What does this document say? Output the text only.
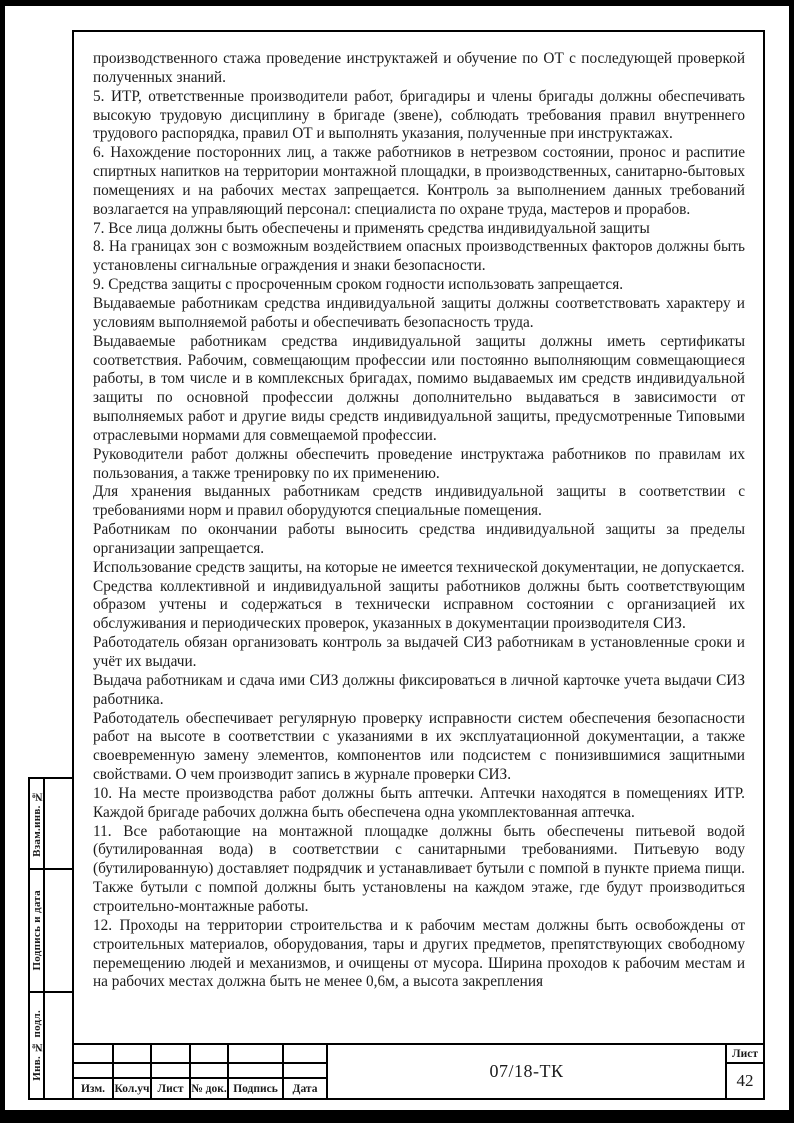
производственного стажа проведение инструктажей и обучение по ОТ с последующей проверкой полученных знаний.

5. ИТР, ответственные производители работ, бригадиры и члены бригады должны обеспечивать высокую трудовую дисциплину в бригаде (звене), соблюдать требования правил внутреннего трудового распорядка, правил ОТ и выполнять указания, полученные при инструктажах.

6. Нахождение посторонних лиц, а также работников в нетрезвом состоянии, пронос и распитие спиртных напитков на территории монтажной площадки, в производственных, санитарно-бытовых помещениях и на рабочих местах запрещается. Контроль за выполнением данных требований возлагается на управляющий персонал: специалиста по охране труда, мастеров и прорабов.

7. Все лица должны быть обеспечены и применять средства индивидуальной защиты

8. На границах зон с возможным воздействием опасных производственных факторов должны быть установлены сигнальные ограждения и знаки безопасности.

9. Средства защиты с просроченным сроком годности использовать запрещается.

Выдаваемые работникам средства индивидуальной защиты должны соответствовать характеру и условиям выполняемой работы и обеспечивать безопасность труда.

Выдаваемые работникам средства индивидуальной защиты должны иметь сертификаты соответствия. Рабочим, совмещающим профессии или постоянно выполняющим совмещающиеся работы, в том числе и в комплексных бригадах, помимо выдаваемых им средств индивидуальной защиты по основной профессии должны дополнительно выдаваться в зависимости от выполняемых работ и другие виды средств индивидуальной защиты, предусмотренные Типовыми отраслевыми нормами для совмещаемой профессии.

Руководители работ должны обеспечить проведение инструктажа работников по правилам их пользования, а также тренировку по их применению.

Для хранения выданных работникам средств индивидуальной защиты в соответствии с требованиями норм и правил оборудуются специальные помещения.

Работникам по окончании работы выносить средства индивидуальной защиты за пределы организации запрещается.

Использование средств защиты, на которые не имеется технической документации, не допускается.

Средства коллективной и индивидуальной защиты работников должны быть соответствующим образом учтены и содержаться в технически исправном состоянии с организацией их обслуживания и периодических проверок, указанных в документации производителя СИЗ.

Работодатель обязан организовать контроль за выдачей СИЗ работникам в установленные сроки и учёт их выдачи.

Выдача работникам и сдача ими СИЗ должны фиксироваться в личной карточке учета выдачи СИЗ работника.

Работодатель обеспечивает регулярную проверку исправности систем обеспечения безопасности работ на высоте в соответствии с указаниями в их эксплуатационной документации, а также своевременную замену элементов, компонентов или подсистем с понизившимися защитными свойствами. О чем производит запись в журнале проверки СИЗ.

10. На месте производства работ должны быть аптечки. Аптечки находятся в помещениях ИТР. Каждой бригаде рабочих должна быть обеспечена одна укомплектованная аптечка.

11. Все работающие на монтажной площадке должны быть обеспечены питьевой водой (бутилированная вода) в соответствии с санитарными требованиями. Питьевую воду (бутилированную) доставляет подрядчик и устанавливает бутыли с помпой в пункте приема пищи. Также бутыли с помпой должны быть установлены на каждом этаже, где будут производиться строительно-монтажные работы.

12. Проходы на территории строительства и к рабочим местам должны быть освобождены от строительных материалов, оборудования, тары и других предметов, препятствующих свободному перемещению людей и механизмов, и очищены от мусора. Ширина проходов к рабочим местам и на рабочих местах должна быть не менее 0,6м, а высота закрепления

Взам.инв. №
Подпись и дата
Инв. № подл.
Изм. Кол.уч Лист № док. Подпись	Дата
07/18-ТК
Лист
42
